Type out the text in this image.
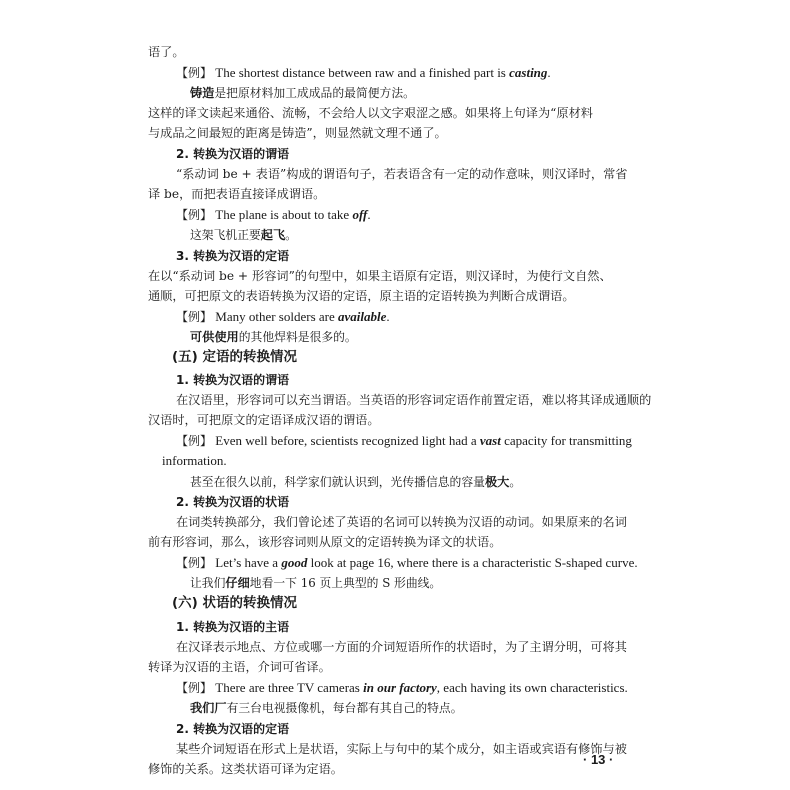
语了。
【例】 The shortest distance between raw and a finished part is casting.
铸造是把原材料加工成成品的最简便方法。
这样的译文读起来通俗、流畅，不会给人以文字艰涩之感。如果将上句译为“原材料
与成品之间最短的距离是铸造”，则显然就文理不通了。
2. 转换为汉语的谓语
“系动词 be + 表语”构成的谓语句子，若表语含有一定的动作意味，则汉译时，常省
译 be，而把表语直接译成谓语。
【例】 The plane is about to take off.
这架飞机正要起飞。
3. 转换为汉语的定语
在以“系动词 be + 形容词”的句型中，如果主语原有定语，则汉译时，为使行文自然、
通顺，可把原文的表语转换为汉语的定语，原主语的定语转换为判断合成谓语。
【例】 Many other solders are available.
可供使用的其他焊料是很多的。
(五) 定语的转换情况
1. 转换为汉语的谓语
在汉语里，形容词可以充当谓语。当英语的形容词定语作前置定语，难以将其译成通顺的
汉语时，可把原文的定语译成汉语的谓语。
【例】 Even well before, scientists recognized light had a vast capacity for transmitting
information.
甚至在很久以前，科学家们就认识到，光传播信息的容量极大。
2. 转换为汉语的状语
在词类转换部分，我们曾论述了英语的名词可以转换为汉语的动词。如果原来的名词
前有形容词，那么，该形容词则从原文的定语转换为译文的状语。
【例】 Let’s have a good look at page 16, where there is a characteristic S-shaped curve.
让我们仔细地看一下 16 页上典型的 S 形曲线。
(六) 状语的转换情况
1. 转换为汉语的主语
在汉译表示地点、方位或哪一方面的介词短语所作的状语时，为了主谓分明，可将其
转译为汉语的主语，介词可省译。
【例】 There are three TV cameras in our factory, each having its own characteristics.
我们厂有三台电视摄像机，每台都有其自己的特点。
2. 转换为汉语的定语
某些介词短语在形式上是状语，实际上与句中的某个成分，如主语或宾语有修饰与被
修饰的关系。这类状语可译为定语。
· 13 ·
